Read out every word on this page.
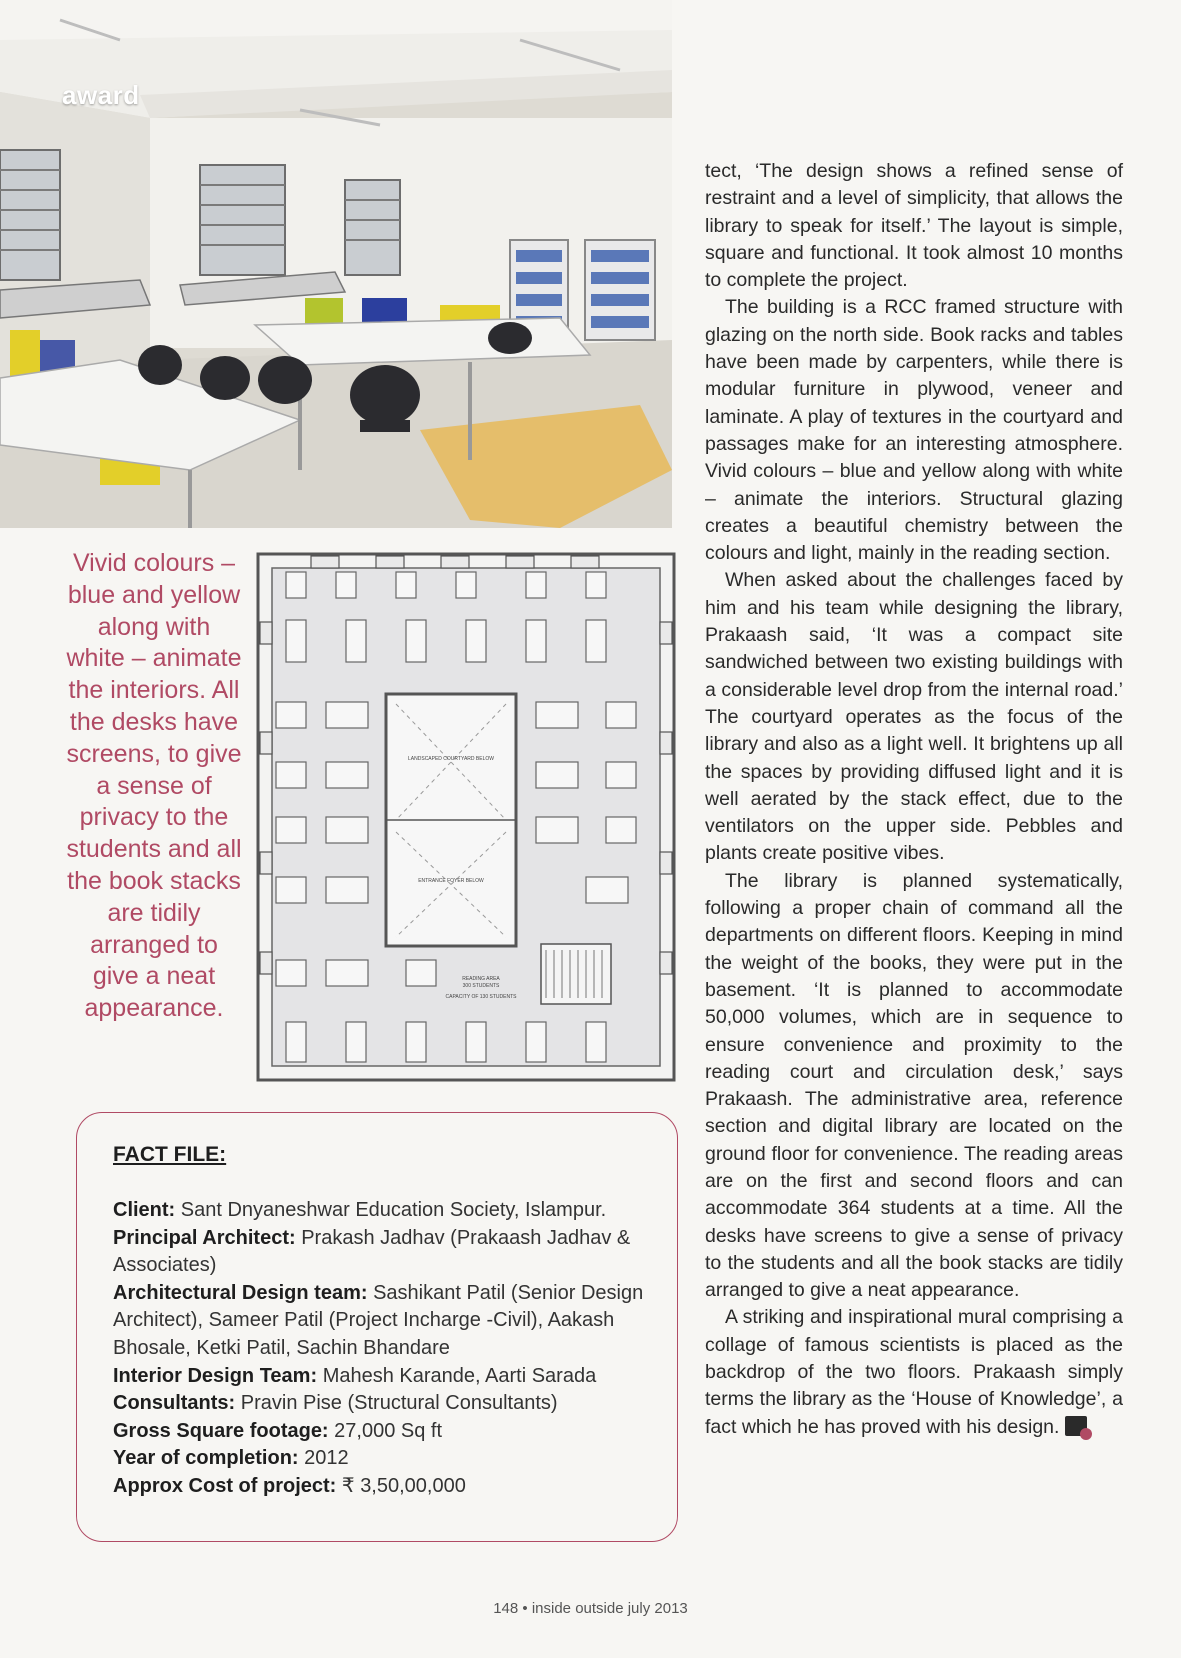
award
Vivid colours – blue and yellow along with white – animate the interiors. All the desks have screens, to give a sense of privacy to the students and all the book stacks are tidily arranged to give a neat appearance.
LANDSCAPED COURTYARD BELOW
ENTRANCE FOYER BELOW
READING AREA
300 STUDENTS
CAPACITY OF 130 STUDENTS
FACT FILE:

Client: Sant Dnyaneshwar Education Society, Islampur.

Principal Architect: Prakash Jadhav (Prakaash Jadhav & Associates)

Architectural Design team: Sashikant Patil (Senior Design Architect), Sameer Patil (Project Incharge -Civil), Aakash Bhosale, Ketki Patil, Sachin Bhandare

Interior Design Team: Mahesh Karande, Aarti Sarada

Consultants: Pravin Pise (Structural Consultants)

Gross Square footage: 27,000 Sq ft

Year of completion: 2012

Approx Cost of project: ₹ 3,50,00,000

tect, ‘The design shows a refined sense of restraint and a level of simplicity, that allows the library to speak for itself.’ The layout is simple, square and functional. It took almost 10 months to complete the project.

The building is a RCC framed structure with glazing on the north side. Book racks and tables have been made by carpenters, while there is modular furniture in plywood, veneer and laminate. A play of textures in the courtyard and passages make for an interesting atmosphere. Vivid colours – blue and yellow along with white – animate the interiors. Structural glazing creates a beautiful chemistry between the colours and light, mainly in the reading section.

When asked about the challenges faced by him and his team while designing the library, Prakaash said, ‘It was a compact site sandwiched between two existing buildings with a considerable level drop from the internal road.’ The courtyard operates as the focus of the library and also as a light well. It brightens up all the spaces by providing diffused light and it is well aerated by the stack effect, due to the ventilators on the upper side. Pebbles and plants create positive vibes.

The library is planned systematically, following a proper chain of command all the departments on different floors. Keeping in mind the weight of the books, they were put in the basement. ‘It is planned to accommodate 50,000 volumes, which are in sequence to ensure convenience and proximity to the reading court and circulation desk,’ says Prakaash. The administrative area, reference section and digital library are located on the ground floor for convenience. The reading areas are on the first and second floors and can accommodate 364 students at a time. All the desks have screens to give a sense of privacy to the students and all the book stacks are tidily arranged to give a neat appearance.

A striking and inspirational mural comprising a collage of famous scientists is placed as the backdrop of the two floors. Prakaash simply terms the library as the ‘House of Knowledge’, a fact which he has proved with his design.

148 • inside outside july 2013
